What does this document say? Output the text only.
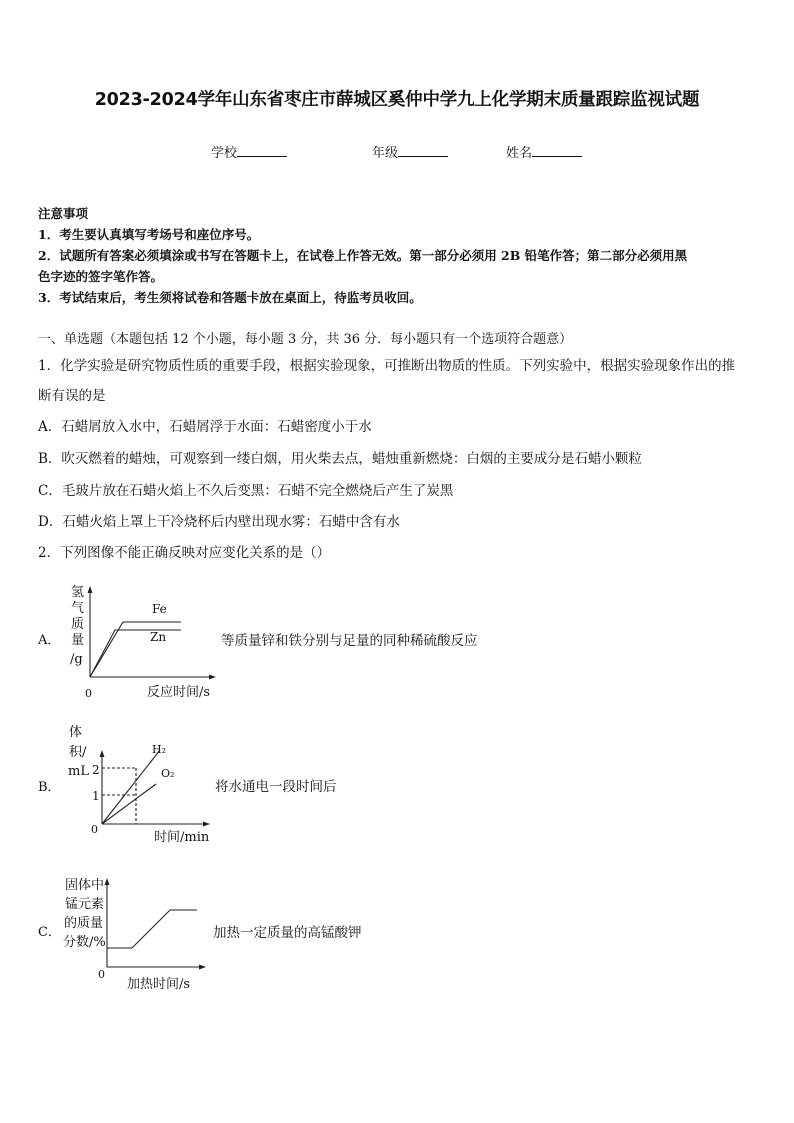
2023-2024学年山东省枣庄市薛城区奚仲中学九上化学期末质量跟踪监视试题
学校	年级	姓名
注意事项
1．考生要认真填写考场号和座位序号。
2．试题所有答案必须填涂或书写在答题卡上，在试卷上作答无效。第一部分必须用 2B 铅笔作答；第二部分必须用黑
色字迹的签字笔作答。
3．考试结束后，考生须将试卷和答题卡放在桌面上，待监考员收回。
一、单选题（本题包括 12 个小题，每小题 3 分，共 36 分．每小题只有一个选项符合题意）
1．化学实验是研究物质性质的重要手段，根据实验现象，可推断出物质的性质。下列实验中，根据实验现象作出的推
断有误的是
A．石蜡屑放入水中，石蜡屑浮于水面：石蜡密度小于水
B．吹灭燃着的蜡烛，可观察到一缕白烟，用火柴去点，蜡烛重新燃烧：白烟的主要成分是石蜡小颗粒
C．毛玻片放在石蜡火焰上不久后变黑：石蜡不完全燃烧后产生了炭黑
D．石蜡火焰上罩上干冷烧杯后内壁出现水雾：石蜡中含有水
2．下列图像不能正确反映对应变化关系的是（）
A．
氢
气
质
量
/g
0	反应时间/s
Fe
Zn	等质量锌和铁分别与足量的同种稀硫酸反应
B．
体
积/
mL 2
1
0
时间/min
H₂
O₂
将水通电一段时间后
C．
固体中
锰元素
的质量
分数/%
0
加热时间/s
加热一定质量的高锰酸钾
